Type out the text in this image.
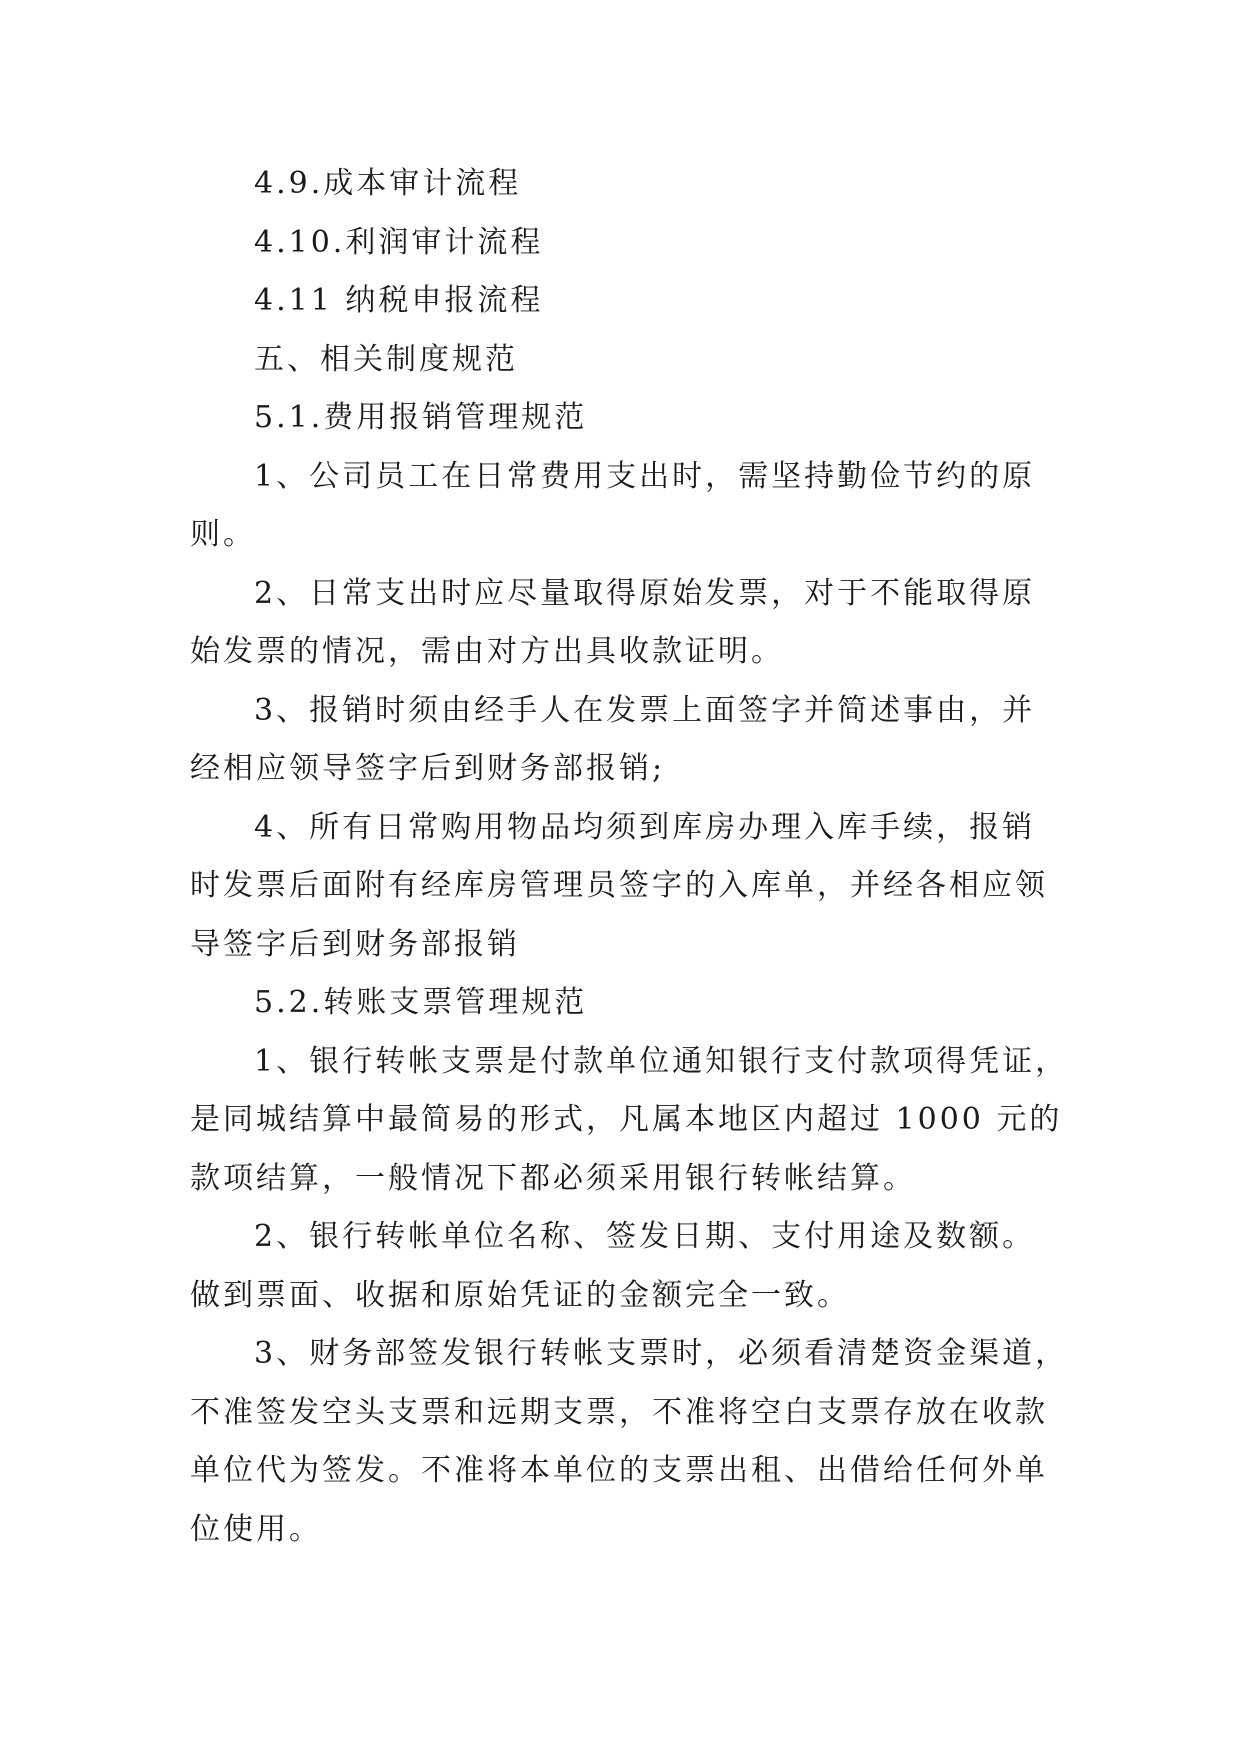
4.9.成本审计流程

4.10.利润审计流程

4.11 纳税申报流程

五、相关制度规范

5.1.费用报销管理规范

1、公司员工在日常费用支出时，需坚持勤俭节约的原

则。

2、日常支出时应尽量取得原始发票，对于不能取得原

始发票的情况，需由对方出具收款证明。

3、报销时须由经手人在发票上面签字并简述事由，并

经相应领导签字后到财务部报销;

4、所有日常购用物品均须到库房办理入库手续，报销

时发票后面附有经库房管理员签字的入库单，并经各相应领

导签字后到财务部报销

5.2.转账支票管理规范

1、银行转帐支票是付款单位通知银行支付款项得凭证，

是同城结算中最简易的形式，凡属本地区内超过 1000 元的

款项结算，一般情况下都必须采用银行转帐结算。

2、银行转帐单位名称、签发日期、支付用途及数额。

做到票面、收据和原始凭证的金额完全一致。

3、财务部签发银行转帐支票时，必须看清楚资金渠道，

不准签发空头支票和远期支票，不准将空白支票存放在收款

单位代为签发。不准将本单位的支票出租、出借给任何外单

位使用。
